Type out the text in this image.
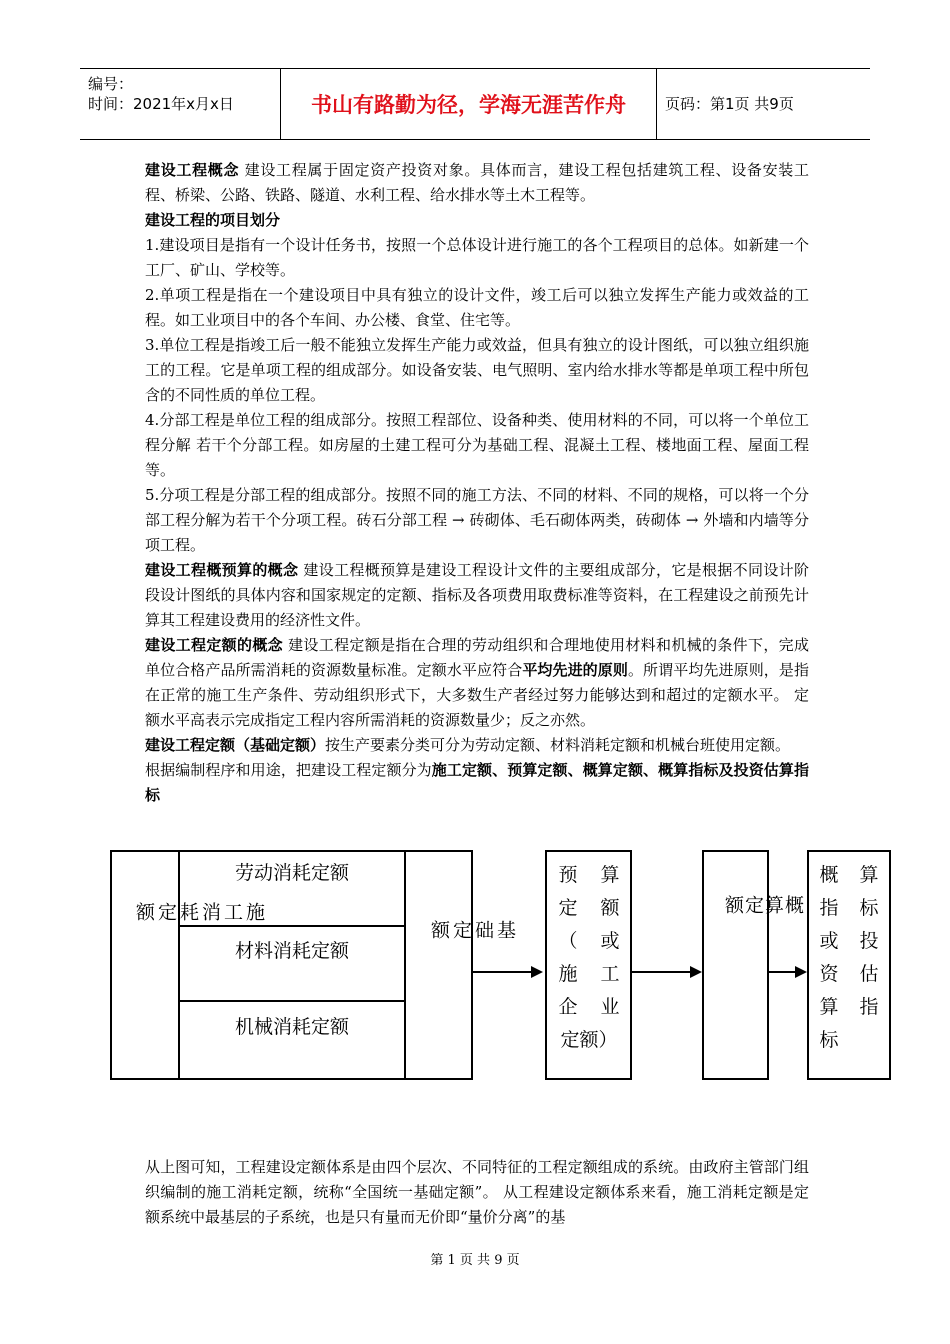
编号：
时间：2021年x月x日	书山有路勤为径，学海无涯苦作舟	页码：第1页 共9页

建设工程概念 建设工程属于固定资产投资对象。具体而言，建设工程包括建筑工程、设备安装工程、桥梁、公路、铁路、隧道、水利工程、给水排水等土木工程等。

建设工程的项目划分

1.建设项目是指有一个设计任务书，按照一个总体设计进行施工的各个工程项目的总体。如新建一个工厂、矿山、学校等。

2.单项工程是指在一个建设项目中具有独立的设计文件，竣工后可以独立发挥生产能力或效益的工程。如工业项目中的各个车间、办公楼、食堂、住宅等。

3.单位工程是指竣工后一般不能独立发挥生产能力或效益，但具有独立的设计图纸，可以独立组织施工的工程。它是单项工程的组成部分。如设备安装、电气照明、室内给水排水等都是单项工程中所包含的不同性质的单位工程。

4.分部工程是单位工程的组成部分。按照工程部位、设备种类、使用材料的不同，可以将一个单位工程分解 若干个分部工程。如房屋的土建工程可分为基础工程、混凝土工程、楼地面工程、屋面工程等。

5.分项工程是分部工程的组成部分。按照不同的施工方法、不同的材料、不同的规格，可以将一个分部工程分解为若干个分项工程。砖石分部工程 → 砖砌体、毛石砌体两类，砖砌体 → 外墙和内墙等分项工程。

建设工程概预算的概念 建设工程概预算是建设工程设计文件的主要组成部分，它是根据不同设计阶段设计图纸的具体内容和国家规定的定额、指标及各项费用取费标准等资料，在工程建设之前预先计算其工程建设费用的经济性文件。

建设工程定额的概念 建设工程定额是指在合理的劳动组织和合理地使用材料和机械的条件下，完成单位合格产品所需消耗的资源数量标准。定额水平应符合平均先进的原则。所谓平均先进原则，是指在正常的施工生产条件、劳动组织形式下，大多数生产者经过努力能够达到和超过的定额水平。 定额水平高表示完成指定工程内容所需消耗的资源数量少；反之亦然。

建设工程定额（基础定额）按生产要素分类可分为劳动定额、材料消耗定额和机械台班使用定额。

根据编制程序和用途，把建设工程定额分为施工定额、预算定额、概算定额、概算指标及投资估算指标

施工消耗定额
劳动消耗定额
材料消耗定额
机械消耗定额
基础定额
预 算
定 额
（ 或
施 工
企 业
定额）
概算定额
概 算
指 标
或 投
资 估
算 指
标

从上图可知，工程建设定额体系是由四个层次、不同特征的工程定额组成的系统。由政府主管部门组织编制的施工消耗定额，统称“全国统一基础定额”。 从工程建设定额体系来看，施工消耗定额是定额系统中最基层的子系统，也是只有量而无价即“量价分离”的基

第 1 页 共 9 页
